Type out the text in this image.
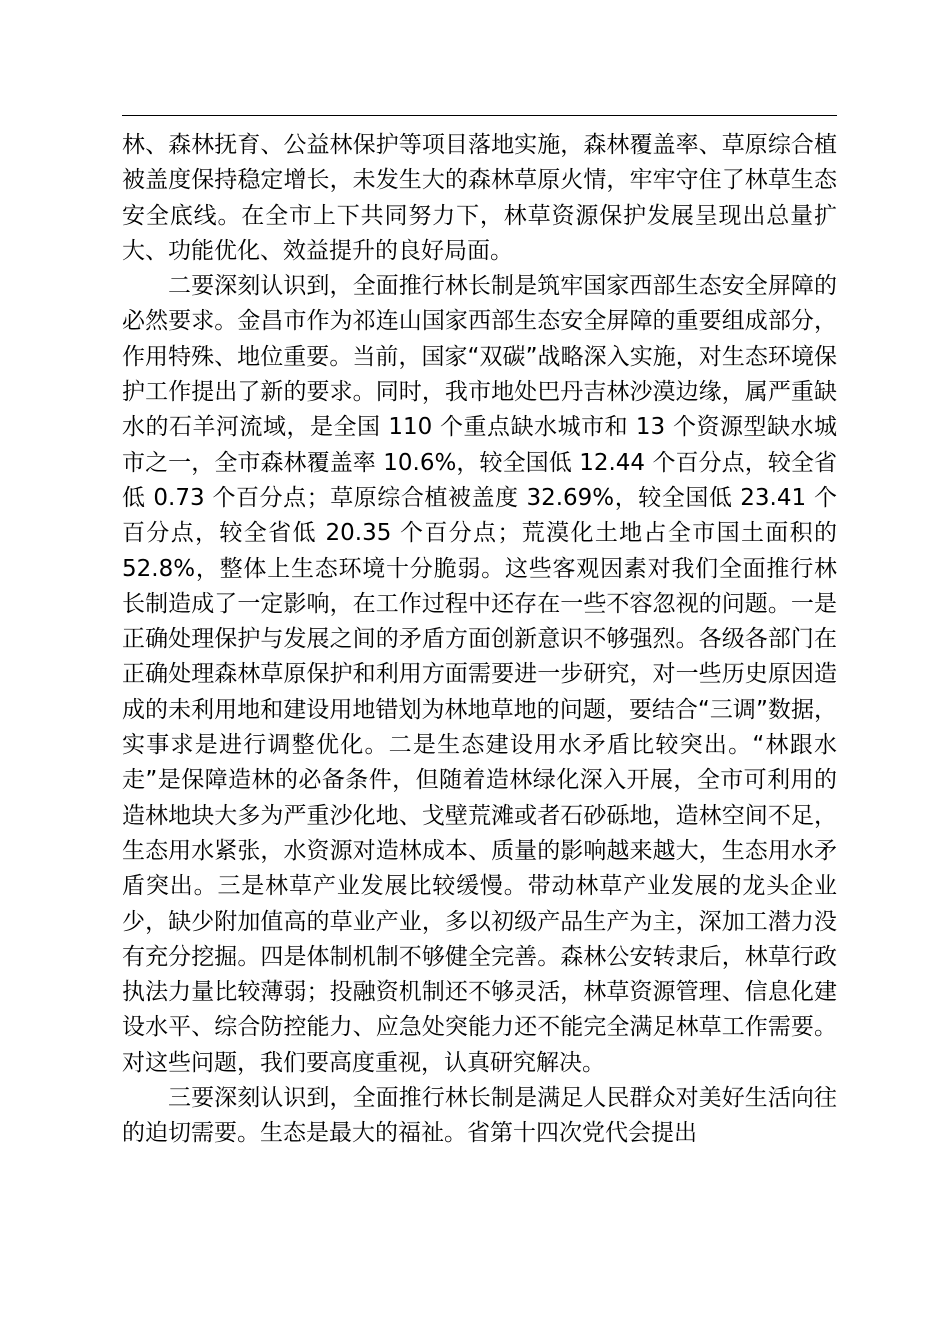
林、森林抚育、公益林保护等项目落地实施，森林覆盖率、草原综合植被盖度保持稳定增长，未发生大的森林草原火情，牢牢守住了林草生态安全底线。在全市上下共同努力下，林草资源保护发展呈现出总量扩大、功能优化、效益提升的良好局面。

二要深刻认识到，全面推行林长制是筑牢国家西部生态安全屏障的必然要求。金昌市作为祁连山国家西部生态安全屏障的重要组成部分，作用特殊、地位重要。当前，国家“双碳”战略深入实施，对生态环境保护工作提出了新的要求。同时，我市地处巴丹吉林沙漠边缘，属严重缺水的石羊河流域，是全国 110 个重点缺水城市和 13 个资源型缺水城市之一，全市森林覆盖率 10.6%，较全国低 12.44 个百分点，较全省低 0.73 个百分点；草原综合植被盖度 32.69%，较全国低 23.41 个百分点，较全省低 20.35 个百分点；荒漠化土地占全市国土面积的 52.8%，整体上生态环境十分脆弱。这些客观因素对我们全面推行林长制造成了一定影响，在工作过程中还存在一些不容忽视的问题。一是正确处理保护与发展之间的矛盾方面创新意识不够强烈。各级各部门在正确处理森林草原保护和利用方面需要进一步研究，对一些历史原因造成的未利用地和建设用地错划为林地草地的问题，要结合“三调”数据，实事求是进行调整优化。二是生态建设用水矛盾比较突出。“林跟水走”是保障造林的必备条件，但随着造林绿化深入开展，全市可利用的造林地块大多为严重沙化地、戈壁荒滩或者石砂砾地，造林空间不足，生态用水紧张，水资源对造林成本、质量的影响越来越大，生态用水矛盾突出。三是林草产业发展比较缓慢。带动林草产业发展的龙头企业少，缺少附加值高的草业产业，多以初级产品生产为主，深加工潜力没有充分挖掘。四是体制机制不够健全完善。森林公安转隶后，林草行政执法力量比较薄弱；投融资机制还不够灵活，林草资源管理、信息化建设水平、综合防控能力、应急处突能力还不能完全满足林草工作需要。对这些问题，我们要高度重视，认真研究解决。

三要深刻认识到，全面推行林长制是满足人民群众对美好生活向往的迫切需要。生态是最大的福祉。省第十四次党代会提出
